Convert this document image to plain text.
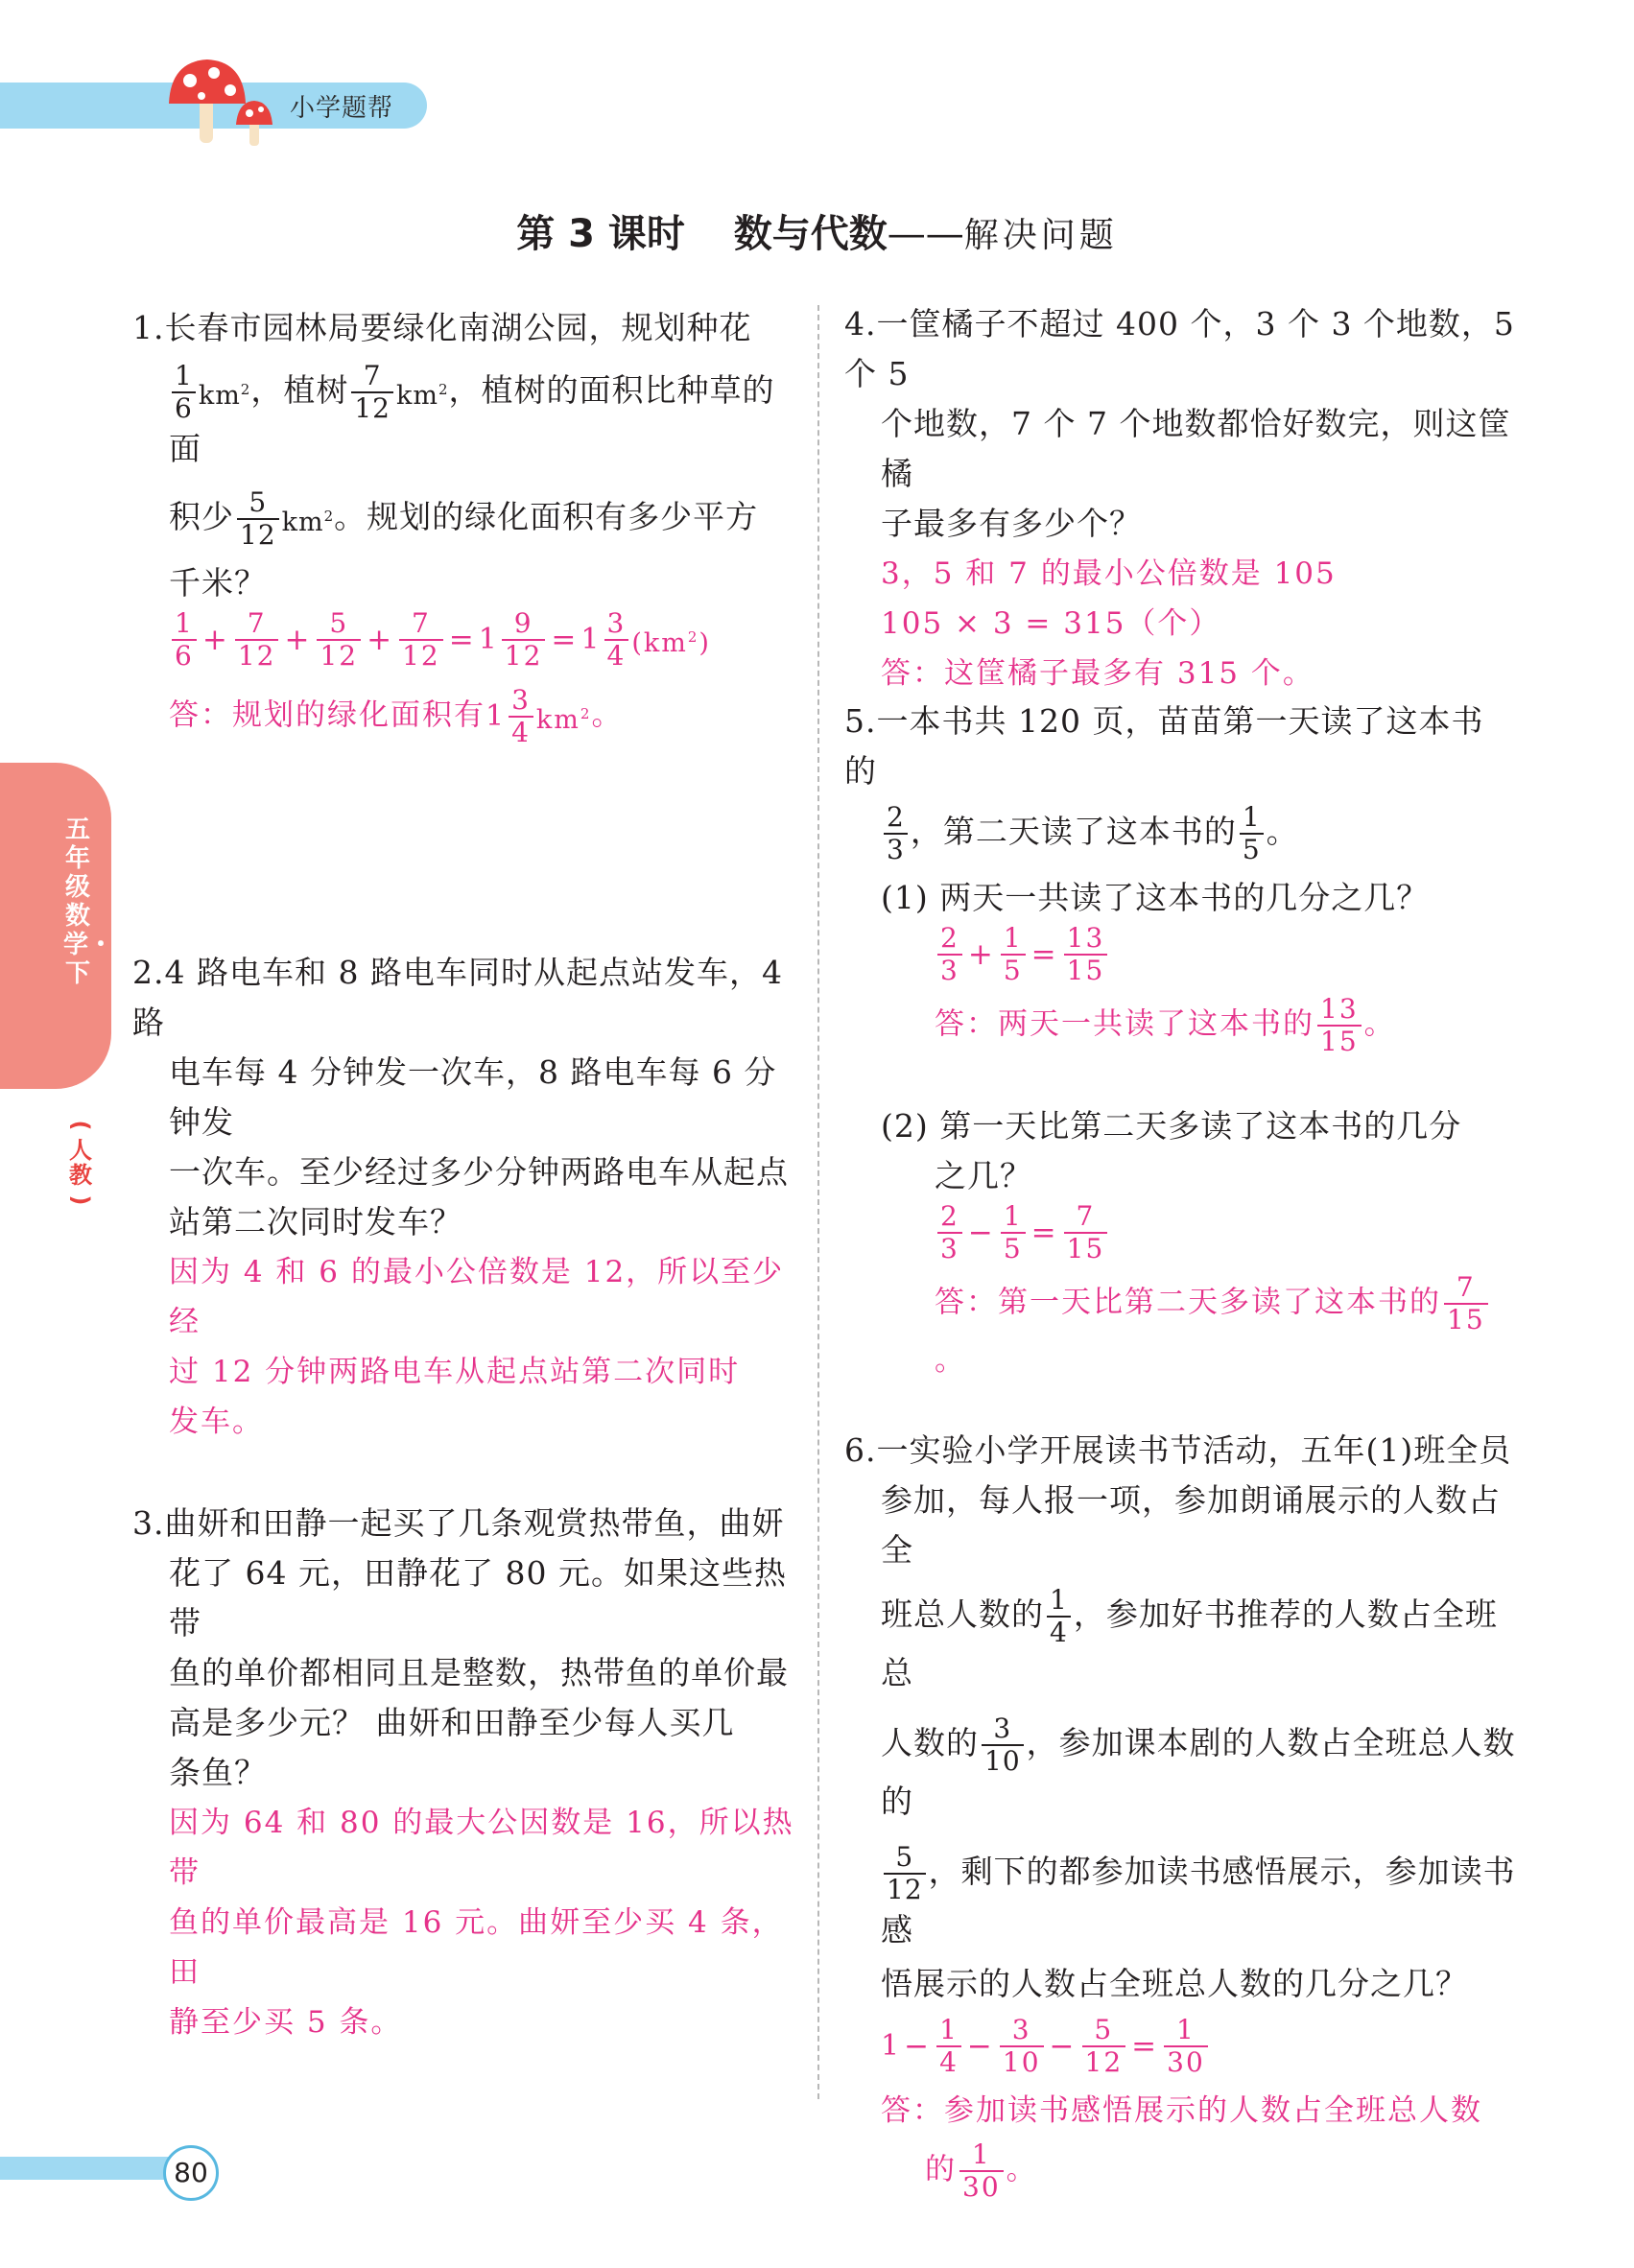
小学题帮
第 3 课时 数与代数——解决问题
五年级数学・下
(
人教
)
1.长春市园林局要绿化南湖公园，规划种花
$\frac{1}{6} km^2$，植树 $\frac{7}{12} km^2$，植树的面积比种草的面
积少 $\frac{5}{12} km^2$。规划的绿化面积有多少平方
千米？
$\frac{1}{6} + \frac{7}{12} + \frac{5}{12} + \frac{7}{12} = 1 \frac{9}{12} = 1 \frac{3}{4} (km^2)$
答：规划的绿化面积有$1 \frac{3}{4} km^2$。
2.4 路电车和 8 路电车同时从起点站发车，4 路
电车每 4 分钟发一次车，8 路电车每 6 分钟发
一次车。至少经过多少分钟两路电车从起点
站第二次同时发车？
因为 4 和 6 的最小公倍数是 12，所以至少经
过 12 分钟两路电车从起点站第二次同时
发车。
3.曲妍和田静一起买了几条观赏热带鱼，曲妍
花了 64 元，田静花了 80 元。如果这些热带
鱼的单价都相同且是整数，热带鱼的单价最
高是多少元？ 曲妍和田静至少每人买几
条鱼？
因为 64 和 80 的最大公因数是 16，所以热带
鱼的单价最高是 16 元。曲妍至少买 4 条，田
静至少买 5 条。
4.一筐橘子不超过 400 个，3 个 3 个地数，5 个 5
个地数，7 个 7 个地数都恰好数完，则这筐橘
子最多有多少个？
3，5 和 7 的最小公倍数是 105
105 × 3 = 315（个）
答：这筐橘子最多有 315 个。
5.一本书共 120 页，苗苗第一天读了这本书的
$\frac{2}{3}$ ，第二天读了这本书的 $\frac{1}{5}$ 。
(1) 两天一共读了这本书的几分之几？
$\frac{2}{3} + \frac{1}{5} = \frac{13}{15}$
答：两天一共读了这本书的 $\frac{13}{15}$ 。
(2) 第一天比第二天多读了这本书的几分
之几？
$\frac{2}{3} - \frac{1}{5} = \frac{7}{15}$
答：第一天比第二天多读了这本书的 $\frac{7}{15}$
。
6.一实验小学开展读书节活动，五年(1)班全员
参加，每人报一项，参加朗诵展示的人数占全
班总人数的 $\frac{1}{4}$ ，参加好书推荐的人数占全班总
人数的 $\frac{3}{10}$ ，参加课本剧的人数占全班总人数的
$\frac{5}{12}$ ，剩下的都参加读书感悟展示，参加读书感
悟展示的人数占全班总人数的几分之几？
$1- \frac{1}{4} - \frac{3}{10} - \frac{5}{12} = \frac{1}{30}$
答：参加读书感悟展示的人数占全班总人数
的 $\frac{1}{30}$ 。
80
